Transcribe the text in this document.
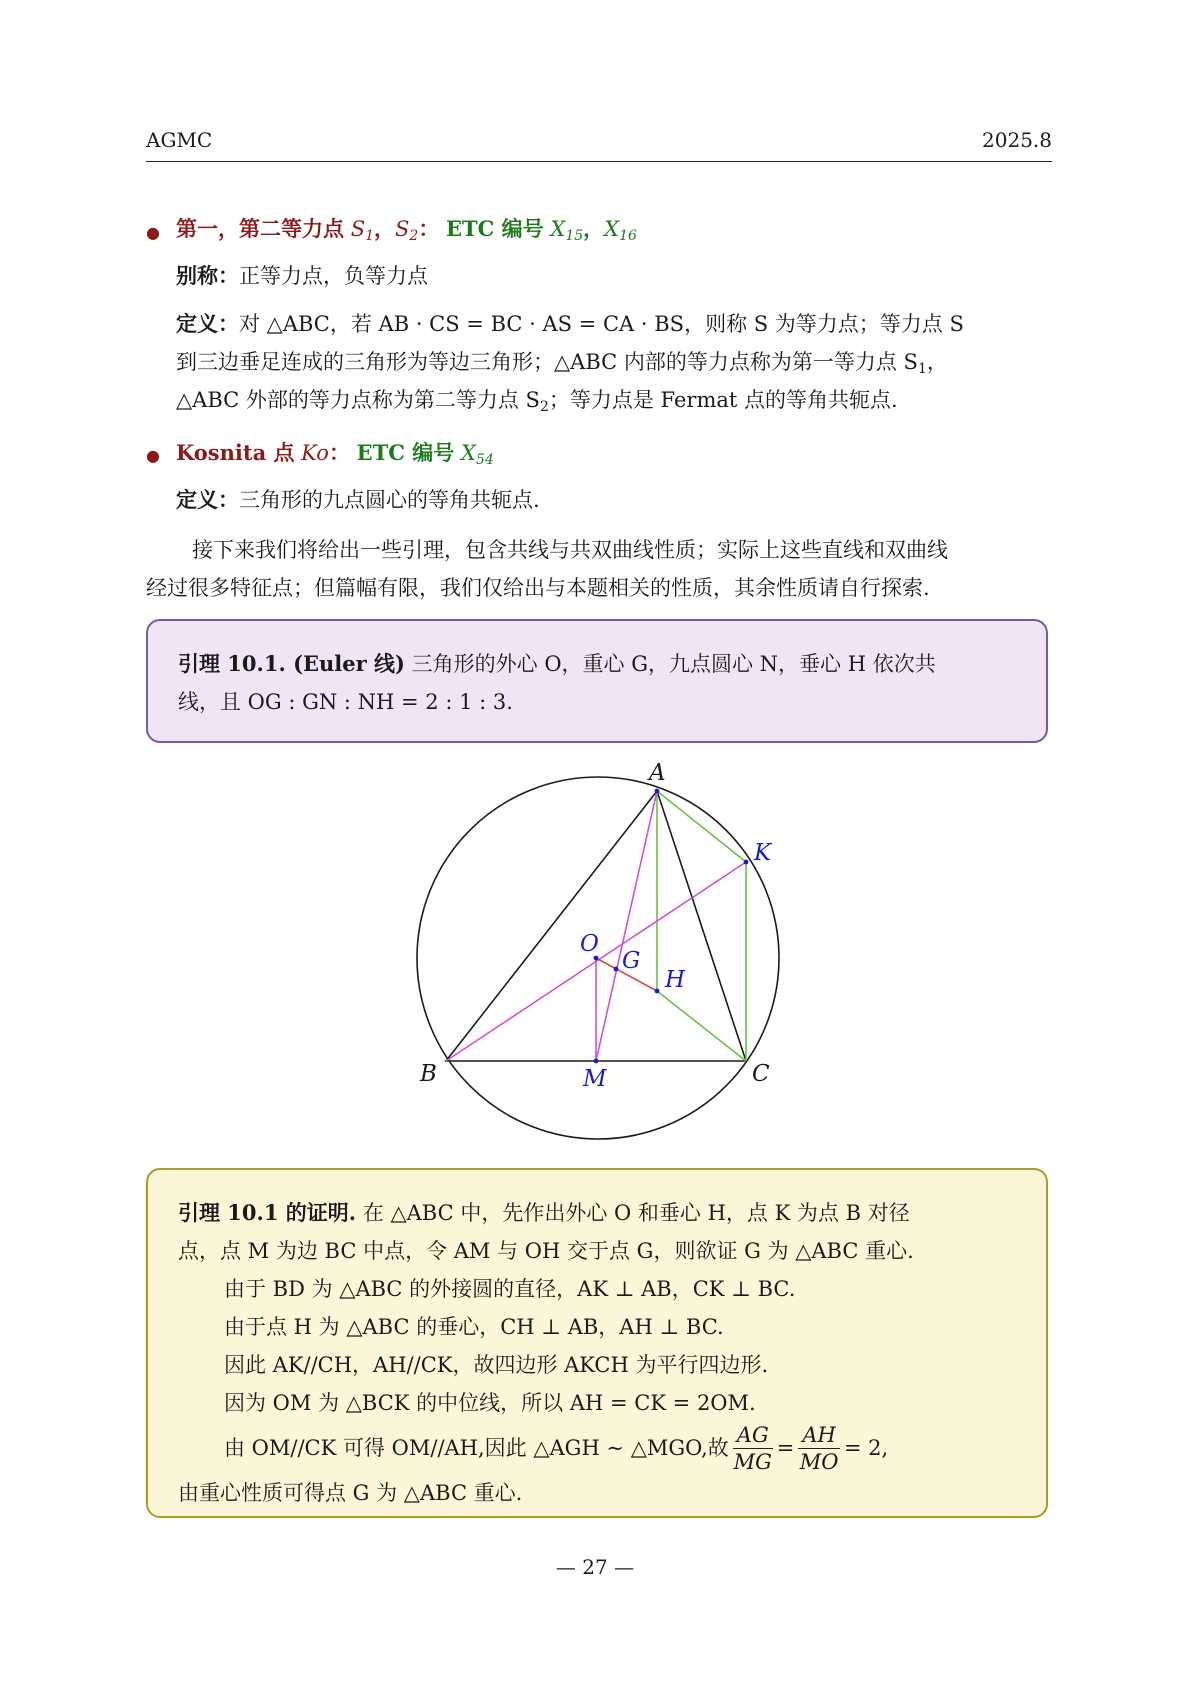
AGMC	2025.8
● 第一，第二等力点 $S_1$，$S_2$： ETC 编号 $X_{15}$，$X_{16}$
别称：正等力点，负等力点
定义：对 △ABC，若 AB · CS = BC · AS = CA · BS，则称 S 为等力点；等力点 S
到三边垂足连成的三角形为等边三角形；△ABC 内部的等力点称为第一等力点 $S_1$，
△ABC 外部的等力点称为第二等力点 $S_2$；等力点是 Fermat 点的等角共轭点.
● Kosnita 点 Ko： ETC 编号 $X_{54}$
定义：三角形的九点圆心的等角共轭点.
接下来我们将给出一些引理，包含共线与共双曲线性质；实际上这些直线和双曲线
经过很多特征点；但篇幅有限，我们仅给出与本题相关的性质，其余性质请自行探索.
引理 10.1. (Euler 线) 三角形的外心 O，重心 G，九点圆心 N，垂心 H 依次共
线，且 OG : GN : NH = 2 : 1 : 3.
A
B	C
K
O
G
H
M
引理 10.1 的证明. 在 △ABC 中，先作出外心 O 和垂心 H，点 K 为点 B 对径
点，点 M 为边 BC 中点，令 AM 与 OH 交于点 G，则欲证 G 为 △ABC 重心.
由于 BD 为 △ABC 的外接圆的直径，AK ⊥ AB，CK ⊥ BC.
由于点 H 为 △ABC 的垂心，CH ⊥ AB，AH ⊥ BC.
因此 AK//CH，AH//CK，故四边形 AKCH 为平行四边形.
因为 OM 为 △BCK 的中位线，所以 AH = CK = 2OM.
由 OM//CK 可得 OM//AH,因此 △AGH ∼ △MGO,故 $\frac{AG}{MG} = \frac{AH}{MO} = 2$,
由重心性质可得点 G 为 △ABC 重心.
— 27 —
